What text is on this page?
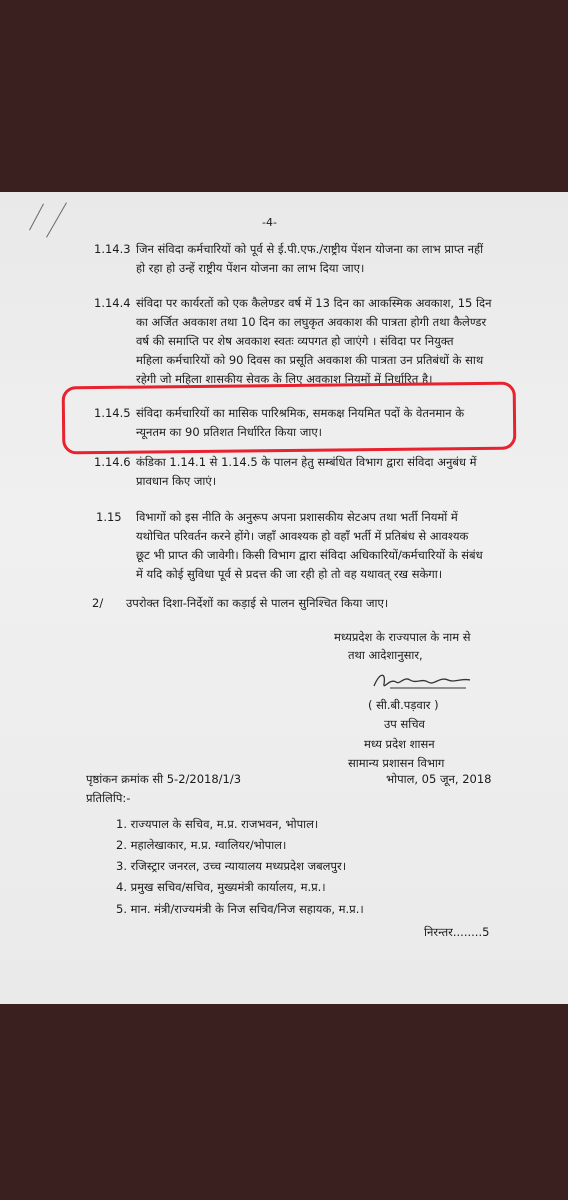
-4-
1.14.3 जिन संविदा कर्मचारियों को पूर्व से ई.पी.एफ./राष्ट्रीय पेंशन योजना का लाभ प्राप्त नहीं
हो रहा हो उन्हें राष्ट्रीय पेंशन योजना का लाभ दिया जाए।
1.14.4 संविदा पर कार्यरतों को एक कैलेण्डर वर्ष में 13 दिन का आकस्मिक अवकाश, 15 दिन
का अर्जित अवकाश तथा 10 दिन का लघुकृत अवकाश की पात्रता होगी तथा कैलेण्डर
वर्ष की समाप्ति पर शेष अवकाश स्वतः व्यपगत हो जाएंगे । संविदा पर नियुक्त
महिला कर्मचारियों को 90 दिवस का प्रसूति अवकाश की पात्रता उन प्रतिबंधों के साथ
रहेगी जो महिला शासकीय सेवक के लिए अवकाश नियमों में निर्धारित है।
1.14.5 संविदा कर्मचारियों का मासिक पारिश्रमिक, समकक्ष नियमित पदों के वेतनमान के
न्यूनतम का 90 प्रतिशत निर्धारित किया जाए।
1.14.6 कंडिका 1.14.1 से 1.14.5 के पालन हेतु सम्बंधित विभाग द्वारा संविदा अनुबंध में
प्रावधान किए जाएं।
1.15 विभागों को इस नीति के अनुरूप अपना प्रशासकीय सेटअप तथा भर्ती नियमों में
यथोचित परिवर्तन करने होंगे। जहाँ आवश्यक हो वहाँ भर्ती में प्रतिबंध से आवश्यक
छूट भी प्राप्त की जावेगी। किसी विभाग द्वारा संविदा अधिकारियों/कर्मचारियों के संबंध
में यदि कोई सुविधा पूर्व से प्रदत्त की जा रही हो तो वह यथावत् रख सकेगा।
2/ उपरोक्त दिशा-निर्देशों का कड़ाई से पालन सुनिश्चित किया जाए।
मध्यप्रदेश के राज्यपाल के नाम से
तथा आदेशानुसार,
( सी.बी.पड़वार )
उप सचिव
मध्य प्रदेश शासन
सामान्य प्रशासन विभाग
पृष्ठांकन क्रमांक सी 5-2/2018/1/3	भोपाल, 05 जून, 2018
प्रतिलिपि:-
1. राज्यपाल के सचिव, म.प्र. राजभवन, भोपाल।
2. महालेखाकार, म.प्र. ग्वालियर/भोपाल।
3. रजिस्ट्रार जनरल, उच्च न्यायालय मध्यप्रदेश जबलपुर।
4. प्रमुख सचिव/सचिव, मुख्यमंत्री कार्यालय, म.प्र.।
5. मान. मंत्री/राज्यमंत्री के निज सचिव/निज सहायक, म.प्र.।
निरन्तर........5
